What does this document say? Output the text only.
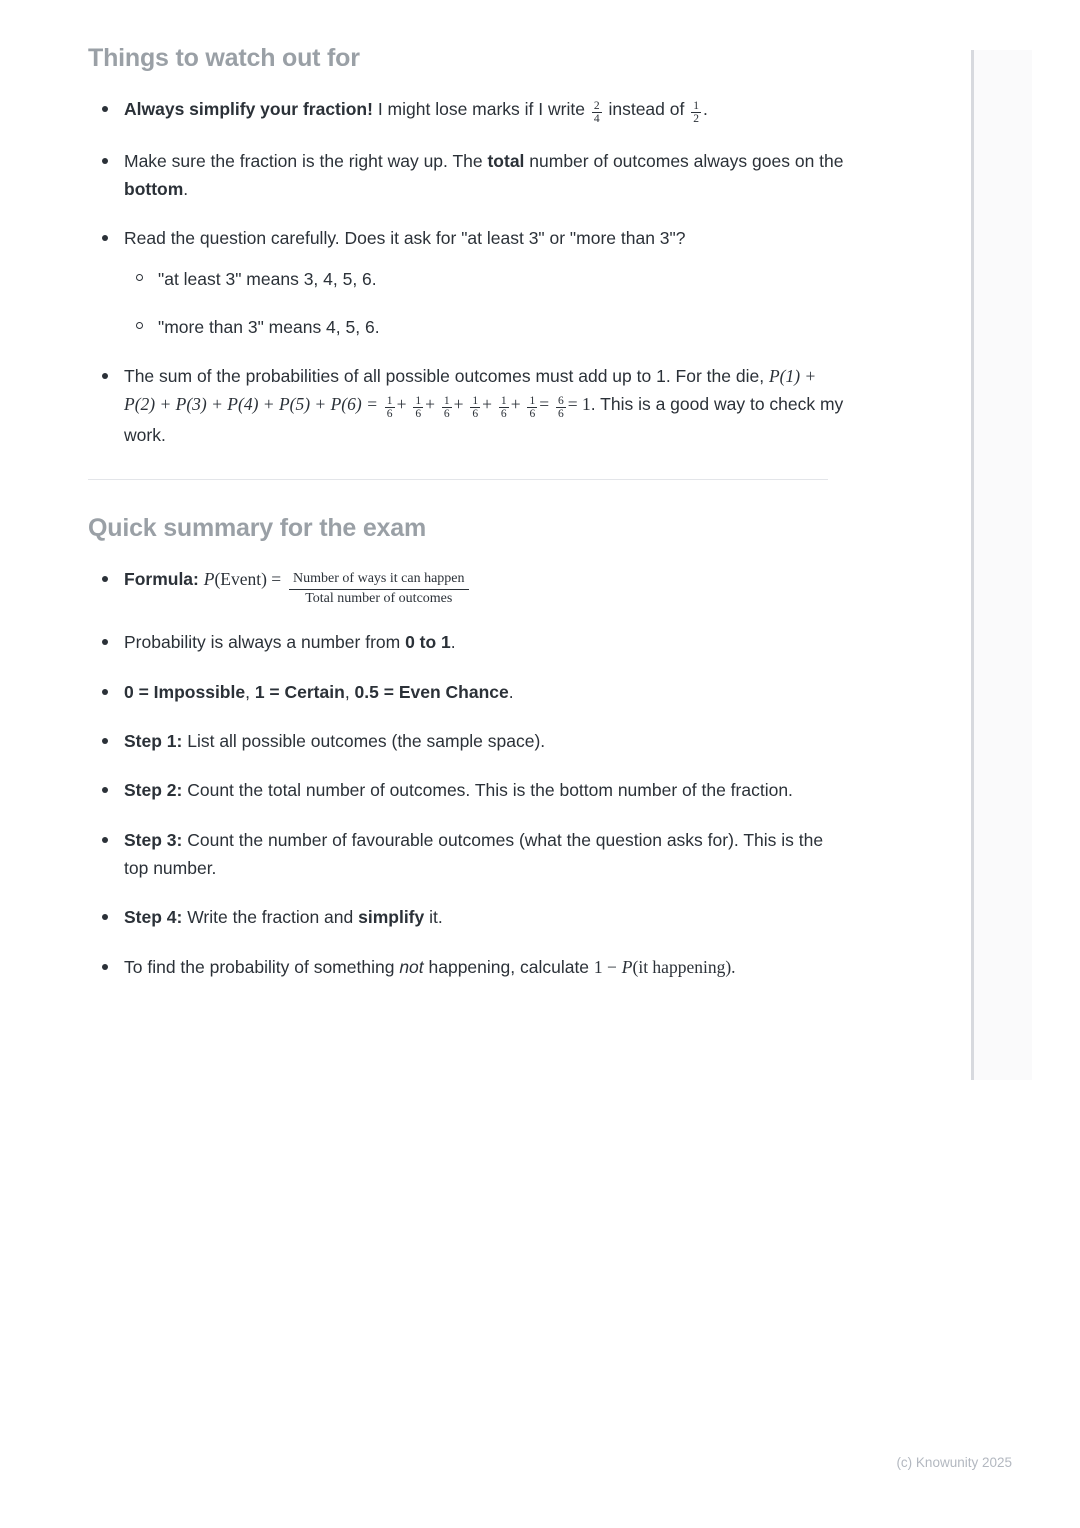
Things to watch out for
Always simplify your fraction! I might lose marks if I write $\frac{2}{4}$ instead of $\frac{1}{2}$ .
Make sure the fraction is the right way up. The total number of outcomes always goes on the bottom.
Read the question carefully. Does it ask for "at least 3" or "more than 3"?
"at least 3" means 3, 4, 5, 6.
"more than 3" means 4, 5, 6.
The sum of the probabilities of all possible outcomes must add up to 1. For the die, $P(1) + P(2) + P(3) + P(4) + P(5) + P(6) = \frac{1}{6} + \frac{1}{6} + \frac{1}{6} + \frac{1}{6} + \frac{1}{6} + \frac{1}{6} = \frac{6}{6} = 1$. This is a good way to check my work.
Quick summary for the exam
Formula: P(Event) = $\frac{\text{Number of ways it can happen}}{\text{Total number of outcomes}}$
Probability is always a number from 0 to 1.
0 = Impossible, 1 = Certain, 0.5 = Even Chance.
Step 1: List all possible outcomes (the sample space).
Step 2: Count the total number of outcomes. This is the bottom number of the fraction.
Step 3: Count the number of favourable outcomes (what the question asks for). This is the top number.
Step 4: Write the fraction and simplify it.
To find the probability of something not happening, calculate 1 − P(it happening).
(c) Knowunity 2025
